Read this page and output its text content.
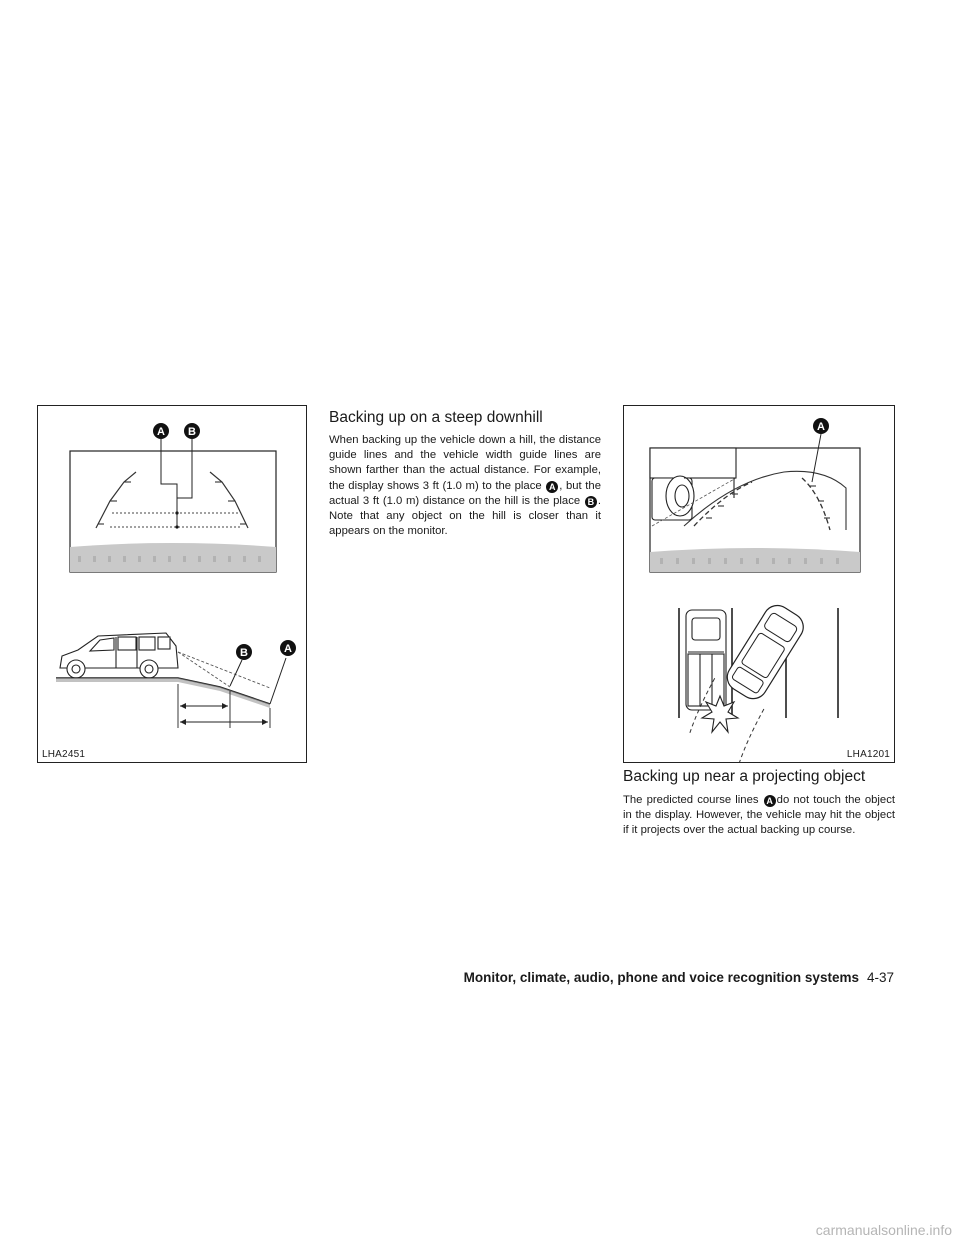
A B
B	A
LHA2451
Backing up on a steep downhill

When backing up the vehicle down a hill, the distance guide lines and the vehicle width guide lines are shown farther than the actual distance. For example, the display shows 3 ft (1.0 m) to the place A , but the actual 3 ft (1.0 m) distance on the hill is the place B . Note that any object on the hill is closer than it appears on the monitor.

A
LHA1201
Backing up near a projecting object

The predicted course lines A do not touch the object in the display. However, the vehicle may hit the object if it projects over the actual backing up course.

Monitor, climate, audio, phone and voice recognition systems 4-37
carmanualsonline.info
